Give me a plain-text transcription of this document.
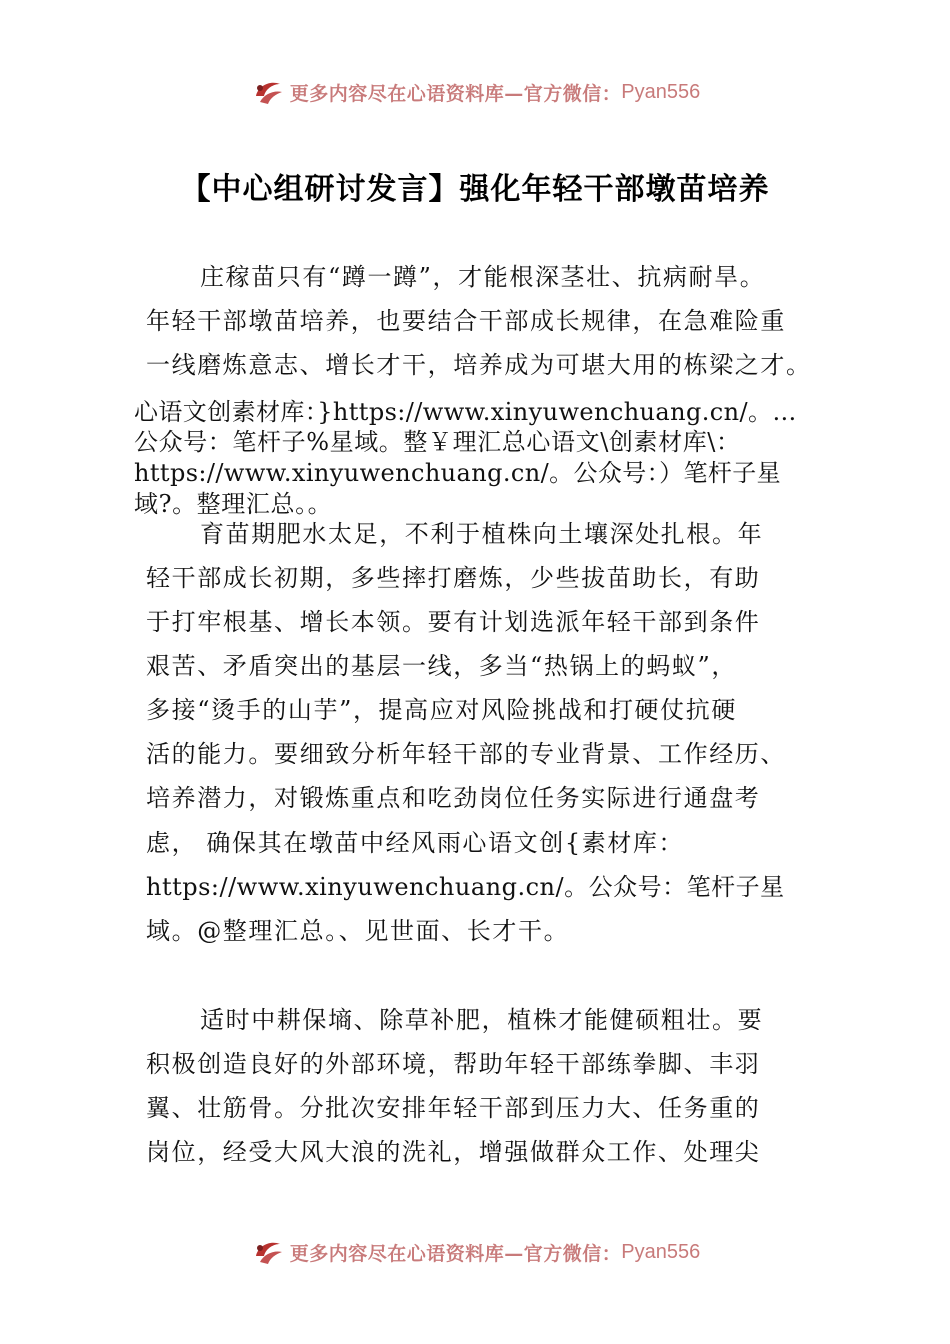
更多内容尽在心语资料库—官方微信： Pyan556
【中心组研讨发言】强化年轻干部墩苗培养
庄稼苗只有“蹲一蹲”，才能根深茎壮、抗病耐旱。
年轻干部墩苗培养，也要结合干部成长规律，在急难险重
一线磨炼意志、增长才干，培养成为可堪大用的栋梁之才。
心语文创素材库：}https://www.xinyuwenchuang.cn/。…
公众号：笔杆子%星域。整￥理汇总心语文\创素材库\：
https://www.xinyuwenchuang.cn/。公众号：）笔杆子星
域?。整理汇总。。
育苗期肥水太足，不利于植株向土壤深处扎根。年
轻干部成长初期，多些摔打磨炼，少些拔苗助长，有助
于打牢根基、增长本领。要有计划选派年轻干部到条件
艰苦、矛盾突出的基层一线，多当“热锅上的蚂蚁”，
多接“烫手的山芋”，提高应对风险挑战和打硬仗抗硬
活的能力。要细致分析年轻干部的专业背景、工作经历、
培养潜力，对锻炼重点和吃劲岗位任务实际进行通盘考
虑， 确保其在墩苗中经风雨心语文创{素材库：
https://www.xinyuwenchuang.cn/。公众号：笔杆子星
域。@整理汇总。、见世面、长才干。
适时中耕保墒、除草补肥，植株才能健硕粗壮。要
积极创造良好的外部环境，帮助年轻干部练拳脚、丰羽
翼、壮筋骨。分批次安排年轻干部到压力大、任务重的
岗位，经受大风大浪的洗礼，增强做群众工作、处理尖
更多内容尽在心语资料库—官方微信： Pyan556
